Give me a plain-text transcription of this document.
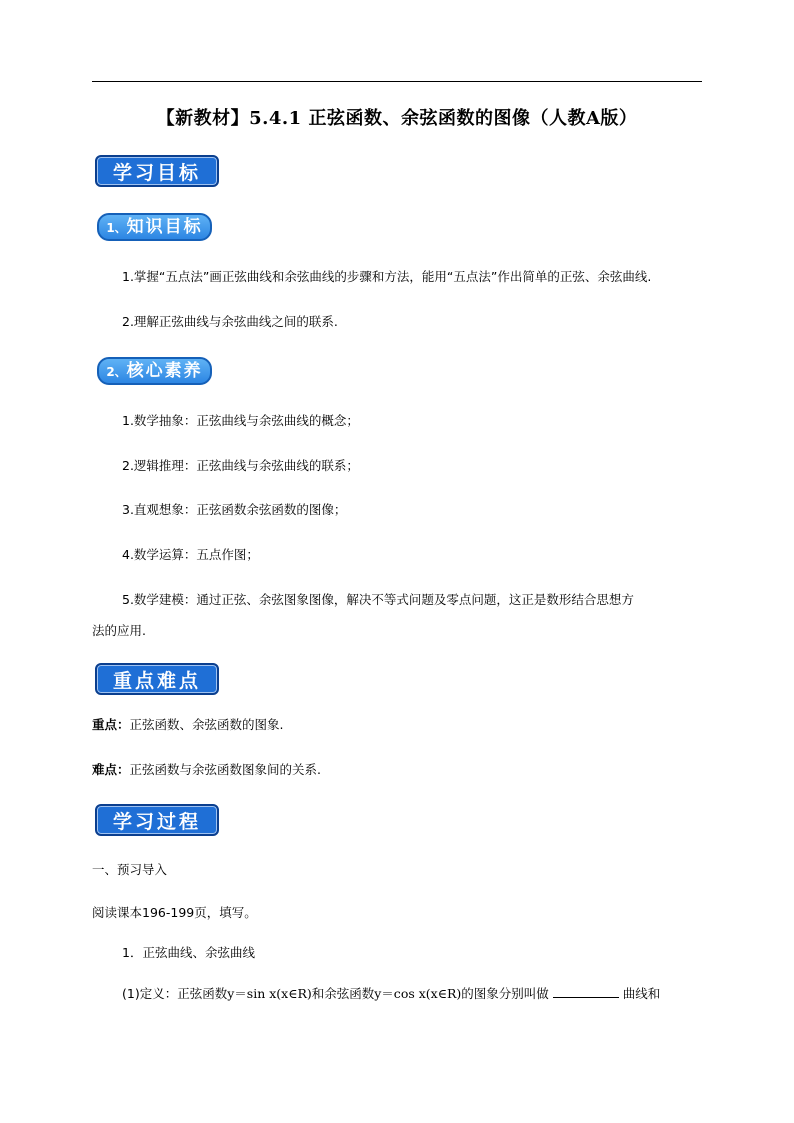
【新教材】5.4.1 正弦函数、余弦函数的图像（人教A版）
学习目标
1、知识目标
1.掌握“五点法”画正弦曲线和余弦曲线的步骤和方法，能用“五点法”作出简单的正弦、余弦曲线.
2.理解正弦曲线与余弦曲线之间的联系.
2、核心素养
1.数学抽象：正弦曲线与余弦曲线的概念；
2.逻辑推理：正弦曲线与余弦曲线的联系；
3.直观想象：正弦函数余弦函数的图像；
4.数学运算：五点作图；
5.数学建模：通过正弦、余弦图象图像，解决不等式问题及零点问题，这正是数形结合思想方
法的应用.
重点难点
重点：正弦函数、余弦函数的图象.
难点：正弦函数与余弦函数图象间的关系.
学习过程
一、预习导入
阅读课本196-199页，填写。
1．正弦曲线、余弦曲线
(1)定义：正弦函数y＝sin x(x∈R)和余弦函数y＝cos x(x∈R)的图象分别叫做	曲线和
